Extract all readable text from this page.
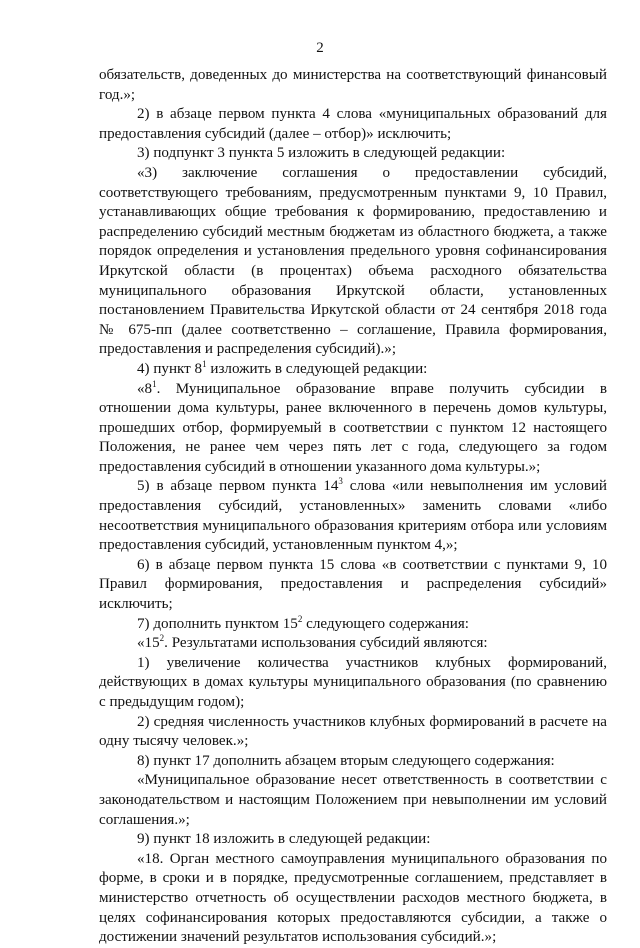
2

обязательств, доведенных до министерства на соответствующий финансовый год.»;

2) в абзаце первом пункта 4 слова «муниципальных образований для предоставления субсидий (далее – отбор)» исключить;

3) подпункт 3 пункта 5 изложить в следующей редакции:

«3) заключение соглашения о предоставлении субсидий, соответствующего требованиям, предусмотренным пунктами 9, 10 Правил, устанавливающих общие требования к формированию, предоставлению и распределению субсидий местным бюджетам из областного бюджета, а также порядок определения и установления предельного уровня софинансирования Иркутской области (в процентах) объема расходного обязательства муниципального образования Иркутской области, установленных постановлением Правительства Иркутской области от 24 сентября 2018 года № 675-пп (далее соответственно – соглашение, Правила формирования, предоставления и распределения субсидий).»;

4) пункт $8^1$ изложить в следующей редакции:

«$8^1$. Муниципальное образование вправе получить субсидии в отношении дома культуры, ранее включенного в перечень домов культуры, прошедших отбор, формируемый в соответствии с пунктом 12 настоящего Положения, не ранее чем через пять лет с года, следующего за годом предоставления субсидий в отношении указанного дома культуры.»;

5) в абзаце первом пункта $14^3$ слова «или невыполнения им условий предоставления субсидий, установленных» заменить словами «либо несоответствия муниципального образования критериям отбора или условиям предоставления субсидий, установленным пунктом 4,»;

6) в абзаце первом пункта 15 слова «в соответствии с пунктами 9, 10 Правил формирования, предоставления и распределения субсидий» исключить;

7) дополнить пунктом $15^2$ следующего содержания:

«$15^2$. Результатами использования субсидий являются:

1) увеличение количества участников клубных формирований, действующих в домах культуры муниципального образования (по сравнению с предыдущим годом);

2) средняя численность участников клубных формирований в расчете на одну тысячу человек.»;

8) пункт 17 дополнить абзацем вторым следующего содержания:

«Муниципальное образование несет ответственность в соответствии с законодательством и настоящим Положением при невыполнении им условий соглашения.»;

9) пункт 18 изложить в следующей редакции:

«18. Орган местного самоуправления муниципального образования по форме, в сроки и в порядке, предусмотренные соглашением, представляет в министерство отчетность об осуществлении расходов местного бюджета, в целях софинансирования которых предоставляются субсидии, а также о достижении значений результатов использования субсидий.»;
